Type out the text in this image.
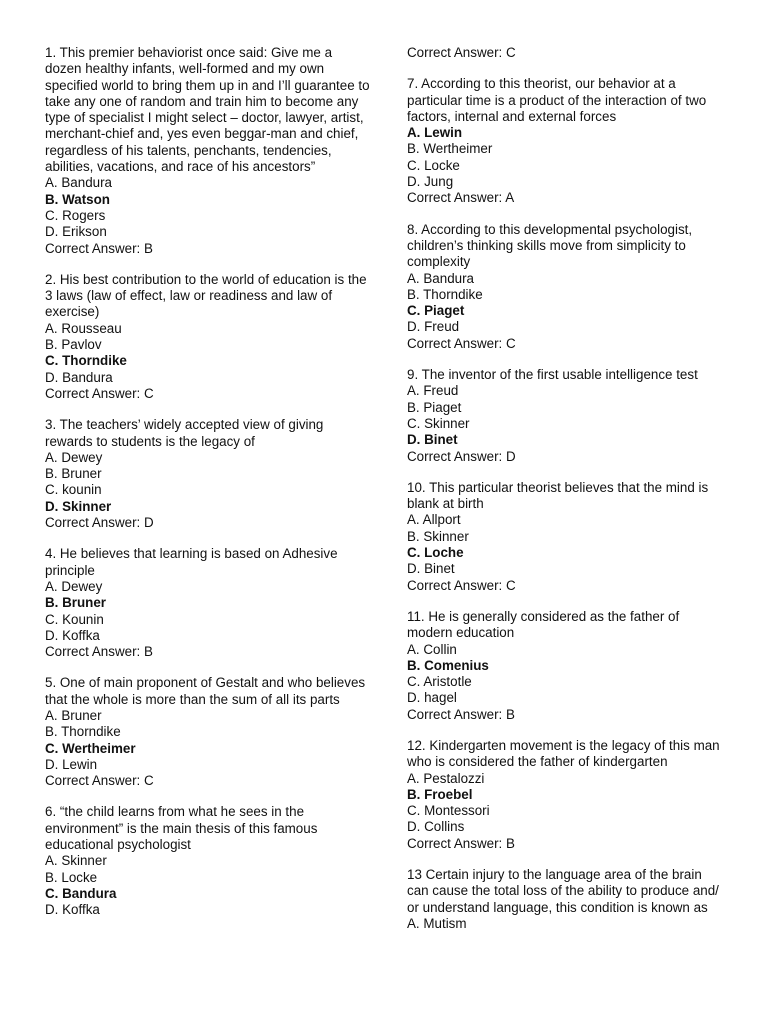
1. This premier behaviorist once said: Give me a dozen healthy infants, well-formed and my own specified world to bring them up in and I’ll guarantee to take any one of random and train him to become any type of specialist I might select – doctor, lawyer, artist, merchant-chief and, yes even beggar-man and chief, regardless of his talents, penchants, tendencies, abilities, vacations, and race of his ancestors”
A. Bandura
B. Watson
C. Rogers
D. Erikson
Correct Answer: B
2. His best contribution to the world of education is the 3 laws (law of effect, law or readiness and law of exercise)
A. Rousseau
B. Pavlov
C. Thorndike
D. Bandura
Correct Answer: C
3. The teachers’ widely accepted view of giving rewards to students is the legacy of
A. Dewey
B. Bruner
C. kounin
D. Skinner
Correct Answer: D
4. He believes that learning is based on Adhesive principle
A. Dewey
B. Bruner
C. Kounin
D. Koffka
Correct Answer: B
5. One of main proponent of Gestalt and who believes that the whole is more than the sum of all its parts
A. Bruner
B. Thorndike
C. Wertheimer
D. Lewin
Correct Answer: C
6. “the child learns from what he sees in the environment” is the main thesis of this famous educational psychologist
A. Skinner
B. Locke
C. Bandura
D. Koffka
Correct Answer: C
7. According to this theorist, our behavior at a particular time is a product of the interaction of two factors, internal and external forces
A. Lewin
B. Wertheimer
C. Locke
D. Jung
Correct Answer: A
8. According to this developmental psychologist, children’s thinking skills move from simplicity to complexity
A. Bandura
B. Thorndike
C. Piaget
D. Freud
Correct Answer: C
9. The inventor of the first usable intelligence test
A. Freud
B. Piaget
C. Skinner
D. Binet
Correct Answer: D
10. This particular theorist believes that the mind is blank at birth
A. Allport
B. Skinner
C. Loche
D. Binet
Correct Answer: C
11. He is generally considered as the father of modern education
A. Collin
B. Comenius
C. Aristotle
D. hagel
Correct Answer: B
12. Kindergarten movement is the legacy of this man who is considered the father of kindergarten
A. Pestalozzi
B. Froebel
C. Montessori
D. Collins
Correct Answer: B
13 Certain injury to the language area of the brain can cause the total loss of the ability to produce and/ or understand language, this condition is known as
A. Mutism
